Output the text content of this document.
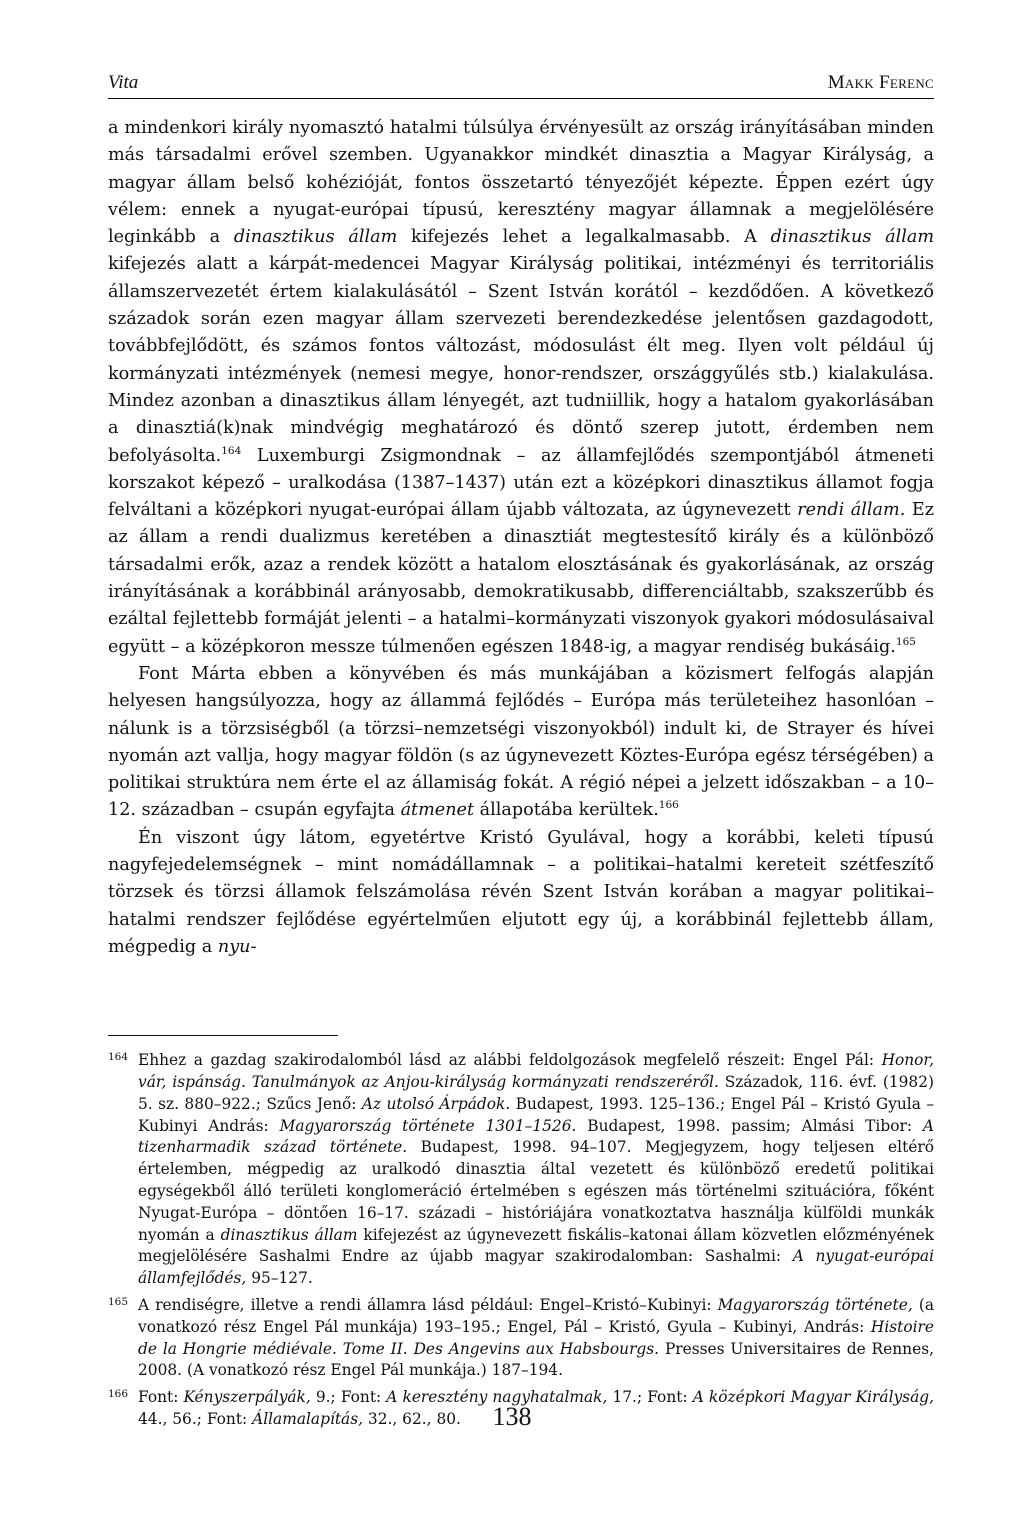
Vita	Makk Ferenc

a mindenkori király nyomasztó hatalmi túlsúlya érvényesült az ország irányításában minden más társadalmi erővel szemben. Ugyanakkor mindkét dinasztia a Magyar Királyság, a magyar állam belső kohézióját, fontos összetartó tényezőjét képezte. Éppen ezért úgy vélem: ennek a nyugat-európai típusú, keresztény magyar államnak a megjelölésére leginkább a dinasztikus állam kifejezés lehet a legalkalmasabb. A dinasztikus állam kifejezés alatt a kárpát-medencei Magyar Királyság politikai, intézményi és territoriális államszervezetét értem kialakulásától – Szent István korától – kezdődően. A következő századok során ezen magyar állam szervezeti berendezkedése jelentősen gazdagodott, továbbfejlődött, és számos fontos változást, módosulást élt meg. Ilyen volt például új kormányzati intézmények (nemesi megye, honor-rendszer, országgyűlés stb.) kialakulása. Mindez azonban a dinasztikus állam lényegét, azt tudniillik, hogy a hatalom gyakorlásában a dinasztiá(k)nak mindvégig meghatározó és döntő szerep jutott, érdemben nem befolyásolta.$^{164}$ Luxemburgi Zsigmondnak – az államfejlődés szempontjából átmeneti korszakot képező – uralkodása (1387–1437) után ezt a középkori dinasztikus államot fogja felváltani a középkori nyugat-európai állam újabb változata, az úgynevezett rendi állam. Ez az állam a rendi dualizmus keretében a dinasztiát megtestesítő király és a különböző társadalmi erők, azaz a rendek között a hatalom elosztásának és gyakorlásának, az ország irányításának a korábbinál arányosabb, demokratikusabb, differenciáltabb, szakszerűbb és ezáltal fejlettebb formáját jelenti – a hatalmi–kormányzati viszonyok gyakori módosulásaival együtt – a középkoron messze túlmenően egészen 1848-ig, a magyar rendiség bukásáig.$^{165}$

Font Márta ebben a könyvében és más munkájában a közismert felfogás alapján helyesen hangsúlyozza, hogy az állammá fejlődés – Európa más területeihez hasonlóan – nálunk is a törzsiségből (a törzsi–nemzetségi viszonyokból) indult ki, de Strayer és hívei nyomán azt vallja, hogy magyar földön (s az úgynevezett Köztes-Európa egész térségében) a politikai struktúra nem érte el az államiság fokát. A régió népei a jelzett időszakban – a 10–12. században – csupán egyfajta átmenet állapotába kerültek.$^{166}$

Én viszont úgy látom, egyetértve Kristó Gyulával, hogy a korábbi, keleti típusú nagyfejedelemségnek – mint nomádállamnak – a politikai–hatalmi kereteit szétfeszítő törzsek és törzsi államok felszámolása révén Szent István korában a magyar politikai–hatalmi rendszer fejlődése egyértelműen eljutott egy új, a korábbinál fejlettebb állam, mégpedig a nyu-

164 Ehhez a gazdag szakirodalomból lásd az alábbi feldolgozások megfelelő részeit: Engel Pál: Honor, vár, ispánság. Tanulmányok az Anjou-királyság kormányzati rendszeréről. Századok, 116. évf. (1982) 5. sz. 880–922.; Szűcs Jenő: Az utolsó Árpádok. Budapest, 1993. 125–136.; Engel Pál – Kristó Gyula – Kubinyi András: Magyarország története 1301–1526. Budapest, 1998. passim; Almási Tibor: A tizenharmadik század története. Budapest, 1998. 94–107. Megjegyzem, hogy teljesen eltérő értelemben, mégpedig az uralkodó dinasztia által vezetett és különböző eredetű politikai egységekből álló területi konglomeráció értelmében s egészen más történelmi szituációra, főként Nyugat-Európa – döntően 16–17. századi – históriájára vonatkoztatva használja külföldi munkák nyomán a dinasztikus állam kifejezést az úgynevezett fiskális–katonai állam közvetlen előzményének megjelölésére Sashalmi Endre az újabb magyar szakirodalomban: Sashalmi: A nyugat-európai államfejlődés, 95–127.
165 A rendiségre, illetve a rendi államra lásd például: Engel–Kristó–Kubinyi: Magyarország története, (a vonatkozó rész Engel Pál munkája) 193–195.; Engel, Pál – Kristó, Gyula – Kubinyi, András: Histoire de la Hongrie médiévale. Tome II. Des Angevins aux Habsbourgs. Presses Universitaires de Rennes, 2008. (A vonatkozó rész Engel Pál munkája.) 187–194.
166 Font: Kényszerpályák, 9.; Font: A keresztény nagyhatalmak, 17.; Font: A középkori Magyar Királyság, 44., 56.; Font: Államalapítás, 32., 62., 80.	138
